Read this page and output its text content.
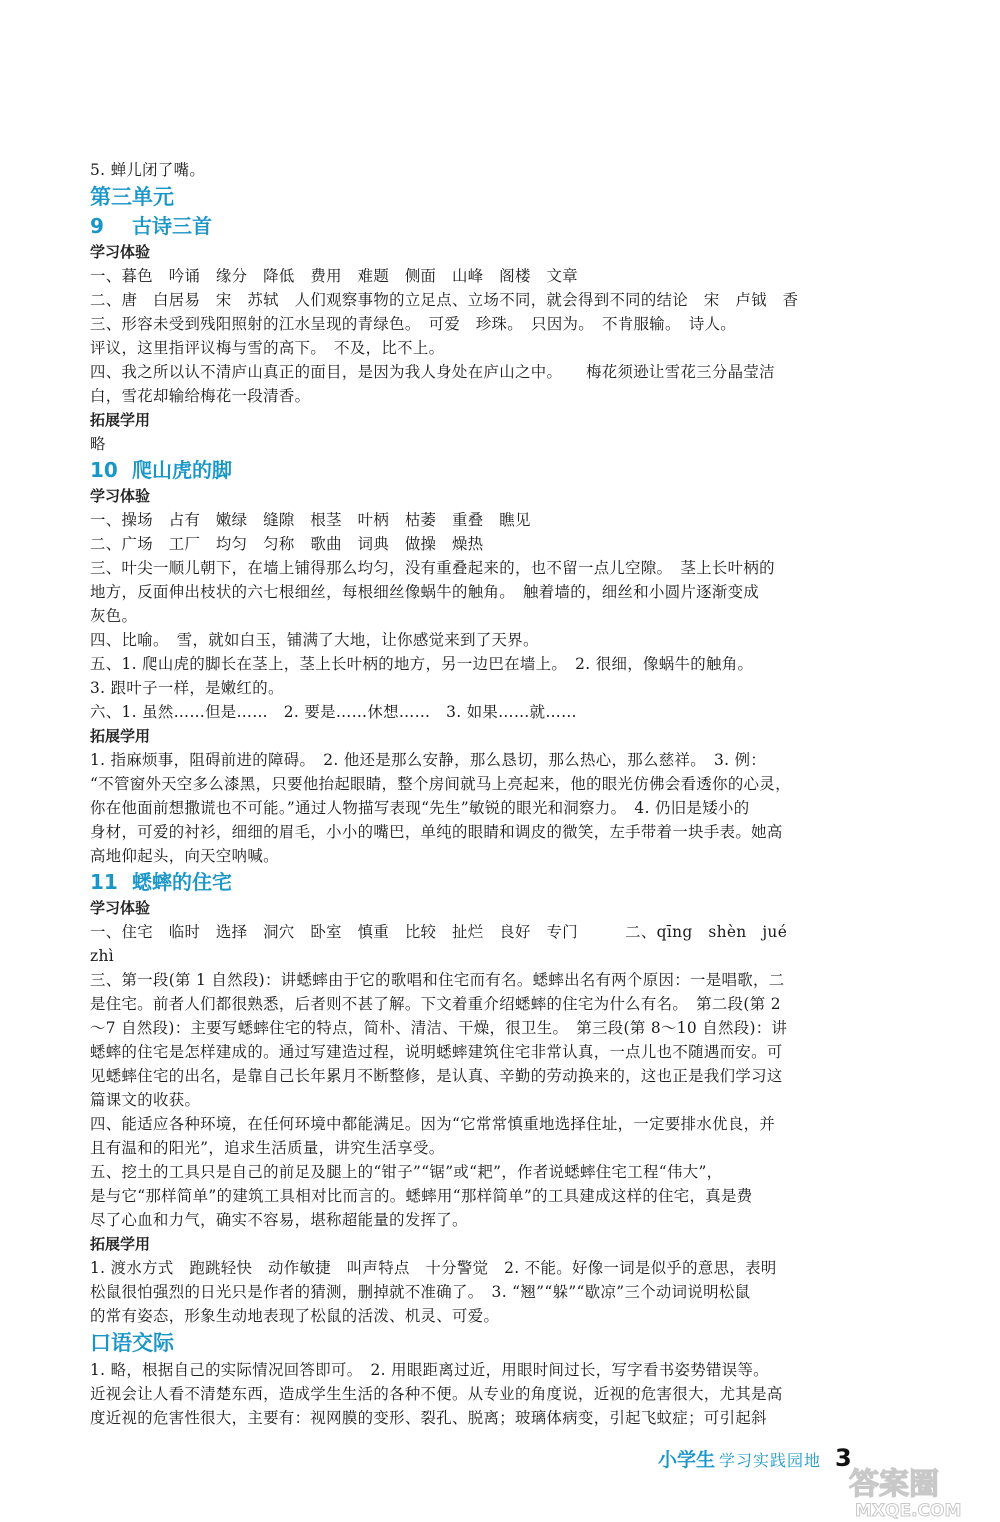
5. 蝉儿闭了嘴。
第三单元
9	古诗三首
学习体验
一、暮色　吟诵　缘分　降低　费用　难题　侧面　山峰　阁楼　文章
二、唐　白居易　宋　苏轼　人们观察事物的立足点、立场不同，就会得到不同的结论　宋　卢钺　香
三、形容未受到残阳照射的江水呈现的青绿色。　可爱　珍珠。　只因为。　不肯服输。　诗人。
评议，这里指评议梅与雪的高下。　不及，比不上。
四、我之所以认不清庐山真正的面目，是因为我人身处在庐山之中。　　梅花须逊让雪花三分晶莹洁
白，雪花却输给梅花一段清香。
拓展学用
略
10 爬山虎的脚
学习体验
一、操场　占有　嫩绿　缝隙　根茎　叶柄　枯萎　重叠　瞧见
二、广场　工厂　均匀　匀称　歌曲　词典　做操　燥热
三、叶尖一顺儿朝下，在墙上铺得那么均匀，没有重叠起来的，也不留一点儿空隙。　茎上长叶柄的
地方，反面伸出枝状的六七根细丝，每根细丝像蜗牛的触角。　触着墙的，细丝和小圆片逐渐变成
灰色。
四、比喻。　雪，就如白玉，铺满了大地，让你感觉来到了天界。
五、1. 爬山虎的脚长在茎上，茎上长叶柄的地方，另一边巴在墙上。　2. 很细，像蜗牛的触角。
3. 跟叶子一样，是嫩红的。
六、1. 虽然……但是……　2. 要是……休想……　3. 如果……就……
拓展学用
1. 指麻烦事，阻碍前进的障碍。　2. 他还是那么安静，那么恳切，那么热心，那么慈祥。　3. 例：
“不管窗外天空多么漆黑，只要他抬起眼睛，整个房间就马上亮起来，他的眼光仿佛会看透你的心灵，
你在他面前想撒谎也不可能。”通过人物描写表现“先生”敏锐的眼光和洞察力。　4. 仍旧是矮小的
身材，可爱的衬衫，细细的眉毛，小小的嘴巴，单纯的眼睛和调皮的微笑，左手带着一块手表。她高
高地仰起头，向天空呐喊。
11 蟋蟀的住宅
学习体验
一、住宅　临时　选择　洞穴　卧室　慎重　比较　扯烂　良好　专门　　　二、qīng　shèn　jué
zhì
三、第一段(第 1 自然段)：讲蟋蟀由于它的歌唱和住宅而有名。蟋蟀出名有两个原因：一是唱歌，二
是住宅。前者人们都很熟悉，后者则不甚了解。下文着重介绍蟋蟀的住宅为什么有名。　第二段(第 2
～7 自然段)：主要写蟋蟀住宅的特点，简朴、清洁、干燥，很卫生。　第三段(第 8～10 自然段)：讲
蟋蟀的住宅是怎样建成的。通过写建造过程，说明蟋蟀建筑住宅非常认真，一点儿也不随遇而安。可
见蟋蟀住宅的出名，是靠自己长年累月不断整修，是认真、辛勤的劳动换来的，这也正是我们学习这
篇课文的收获。
四、能适应各种环境，在任何环境中都能满足。因为“它常常慎重地选择住址，一定要排水优良，并
且有温和的阳光”，追求生活质量，讲究生活享受。
五、挖土的工具只是自己的前足及腿上的“钳子”“锯”或“耙”，作者说蟋蟀住宅工程“伟大”，
是与它“那样简单”的建筑工具相对比而言的。蟋蟀用“那样简单”的工具建成这样的住宅，真是费
尽了心血和力气，确实不容易，堪称超能量的发挥了。
拓展学用
1. 渡水方式　跑跳轻快　动作敏捷　叫声特点　十分警觉　2. 不能。好像一词是似乎的意思，表明
松鼠很怕强烈的日光只是作者的猜测，删掉就不准确了。　3. “翘”“躲”“歇凉”三个动词说明松鼠
的常有姿态，形象生动地表现了松鼠的活泼、机灵、可爱。
口语交际
1. 略，根据自己的实际情况回答即可。　2. 用眼距离过近，用眼时间过长，写字看书姿势错误等。
近视会让人看不清楚东西，造成学生生活的各种不便。从专业的角度说，近视的危害很大，尤其是高
度近视的危害性很大，主要有：视网膜的变形、裂孔、脱离；玻璃体病变，引起飞蚊症；可引起斜
小学生 学习实践园地 3
答案圈
MXQE.COM
